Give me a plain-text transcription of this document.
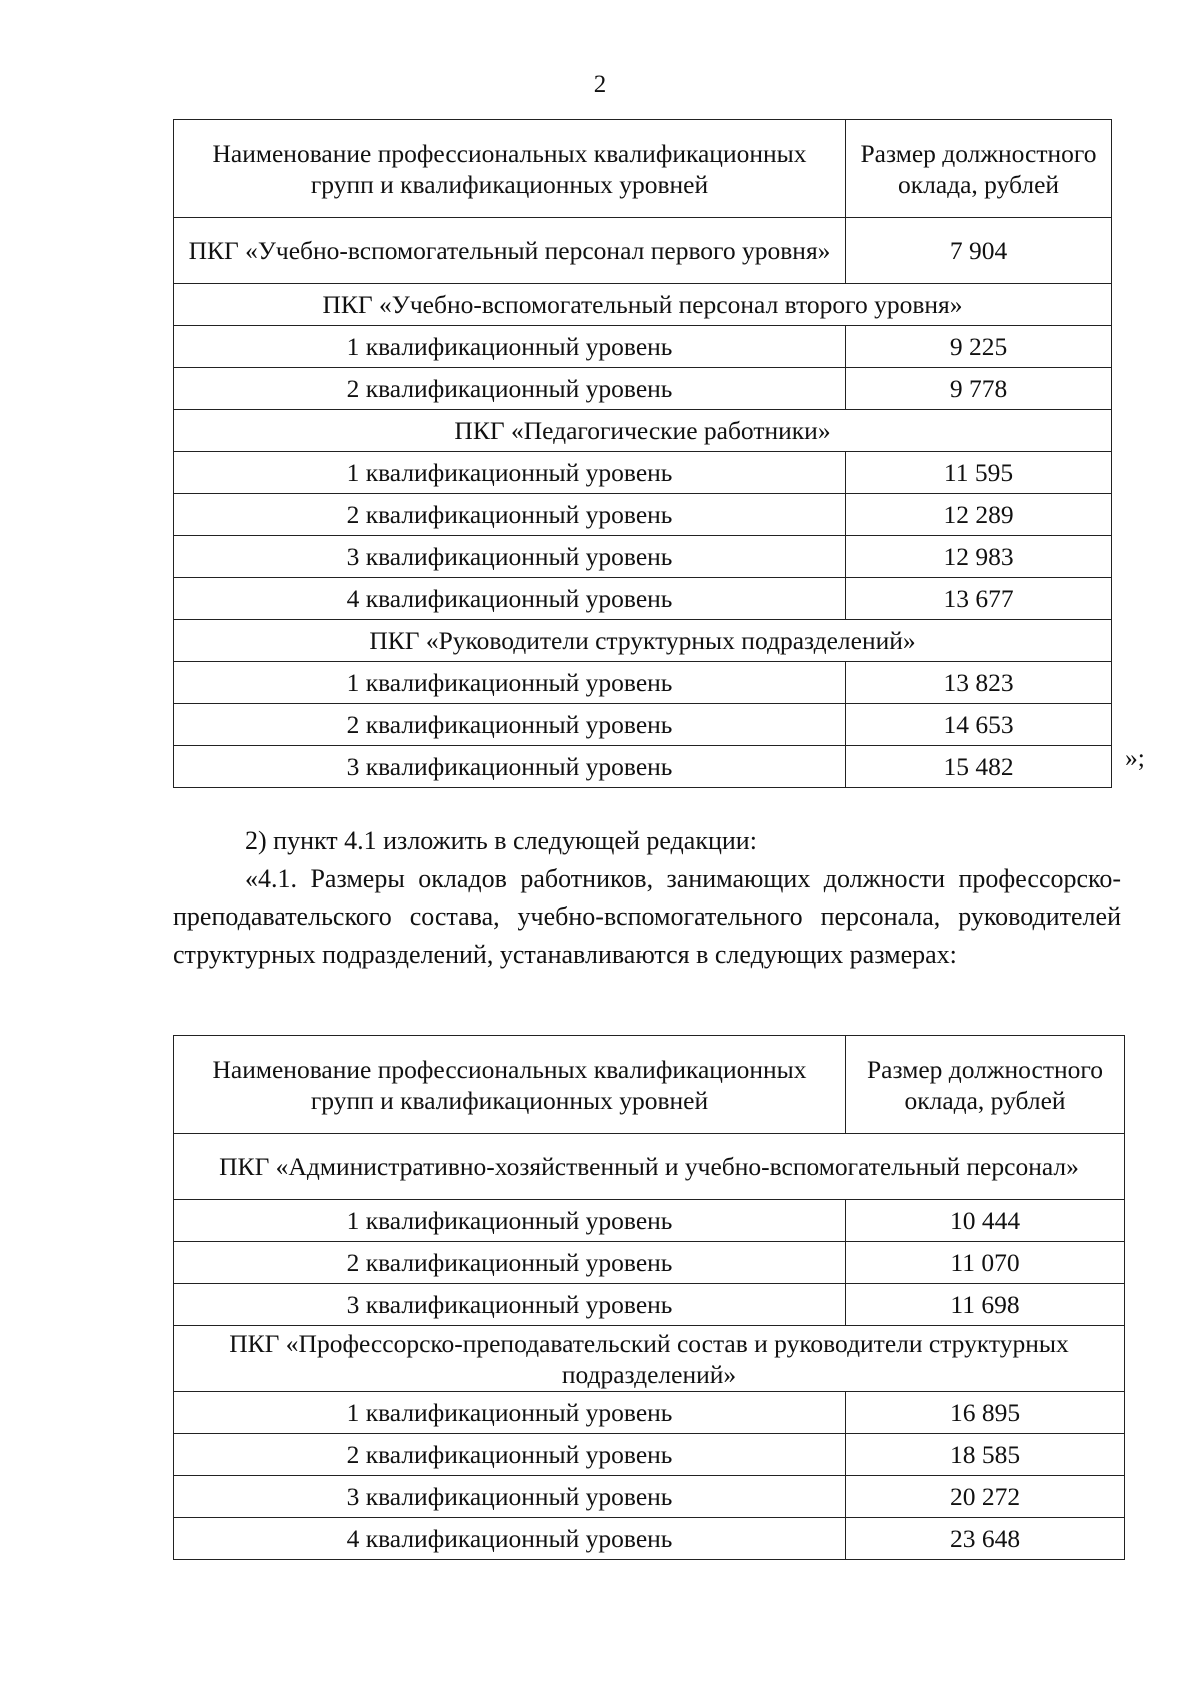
2
Наименование профессиональных квалификационных групп и квалификационных уровней	Размер должностного оклада, рублей
ПКГ «Учебно-вспомогательный персонал первого уровня»	7 904
ПКГ «Учебно-вспомогательный персонал второго уровня»	
1 квалификационный уровень	9 225
2 квалификационный уровень	9 778
ПКГ «Педагогические работники»	
1 квалификационный уровень	11 595
2 квалификационный уровень	12 289
3 квалификационный уровень	12 983
4 квалификационный уровень	13 677
ПКГ «Руководители структурных подразделений»	
1 квалификационный уровень	13 823
2 квалификационный уровень	14 653
3 квалификационный уровень	15 482	»;

2) пункт 4.1 изложить в следующей редакции:

«4.1. Размеры окладов работников, занимающих должности профессорско-преподавательского состава, учебно-вспомогательного персонала, руководителей структурных подразделений, устанавливаются в следующих размерах:

Наименование профессиональных квалификационных групп и квалификационных уровней	Размер должностного оклада, рублей
ПКГ «Административно-хозяйственный и учебно-вспомогательный персонал»	
1 квалификационный уровень	10 444
2 квалификационный уровень	11 070
3 квалификационный уровень	11 698
ПКГ «Профессорско-преподавательский состав и руководители структурных подразделений»	
1 квалификационный уровень	16 895
2 квалификационный уровень	18 585
3 квалификационный уровень	20 272
4 квалификационный уровень	23 648
